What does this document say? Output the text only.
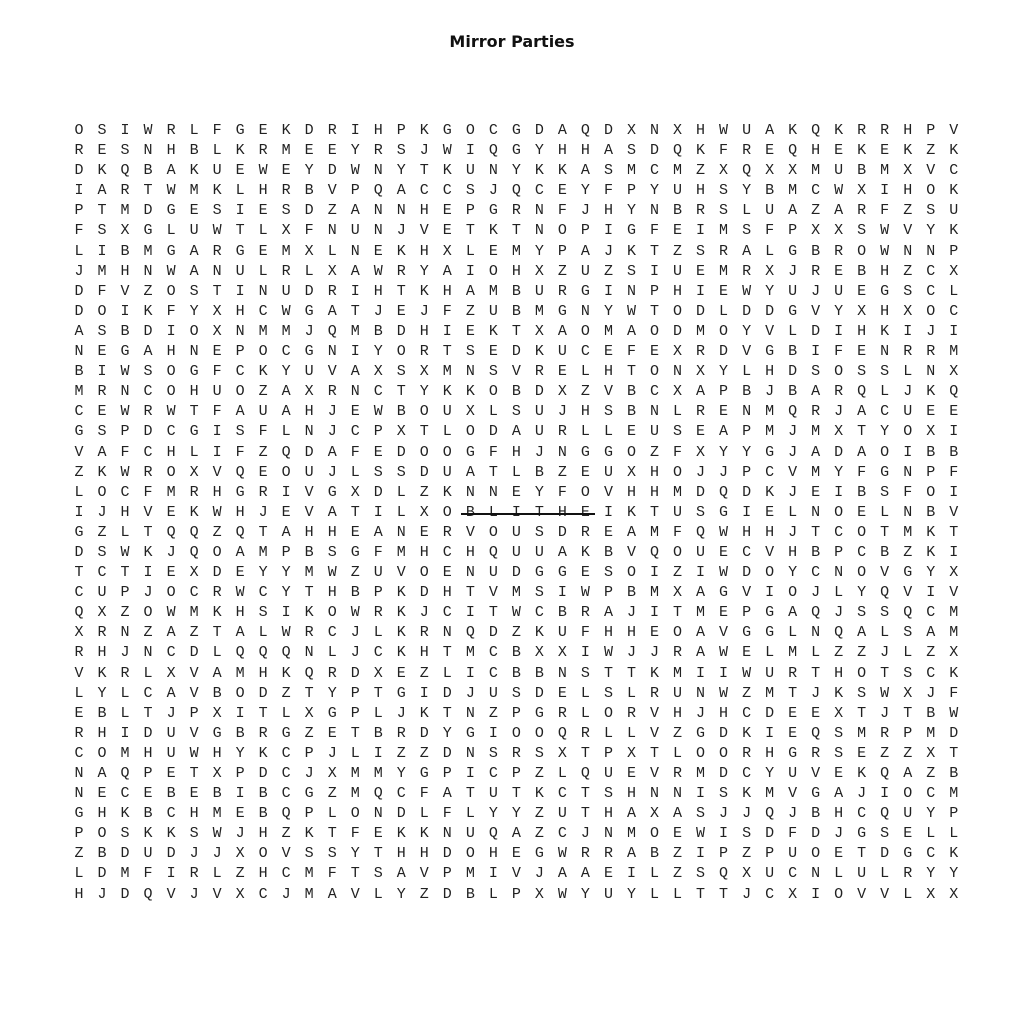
Mirror Parties
O S I W R L F G E K D R I H P K G O C G D A Q D X N X H W U A K Q K R R H P V
R E S N H B L K R M E E Y R S J W I Q G Y H H A S D Q K F R E Q H E K E K Z K
D K Q B A K U E W E Y D W N Y T K U N Y K K A S M C M Z X Q X X M U B M X V C
I A R T W M K L H R B V P Q A C C S J Q C E Y F P Y U H S Y B M C W X I H O K
P T M D G E S I E S D Z A N N H E P G R N F J H Y N B R S L U A Z A R F Z S U
F S X G L U W T L X F N U N J V E T K T N O P I G F E I M S F P X X S W V Y K
L I B M G A R G E M X L N E K H X L E M Y P A J K T Z S R A L G B R O W N N P
J M H N W A N U L R L X A W R Y A I O H X Z U Z S I U E M R X J R E B H Z C X
D F V Z O S T I N U D R I H T K H A M B U R G I N P H I E W Y U J U E G S C L
D O I K F Y X H C W G A T J E J F Z U B M G N Y W T O D L D D G V Y X H X O C
A S B D I O X N M M J Q M B D H I E K T X A O M A O D M O Y V L D I H K I J I
N E G A H N E P O C G N I Y O R T S E D K U C E F E X R D V G B I F E N R R M
B I W S O G F C K Y U V A X S X M N S V R E L H T O N X Y L H D S O S S L N X
M R N C O H U O Z A X R N C T Y K K O B D X Z V B C X A P B J B A R Q L J K Q
C E W R W T F A U A H J E W B O U X L S U J H S B N L R E N M Q R J A C U E E
G S P D C G I S F L N J C P X T L O D A U R L L E U S E A P M J M X T Y O X I
V A F C H L I F Z Q D A F E D O O G F H J N G G O Z F X Y Y G J A D A O I B B
Z K W R O X V Q E O U J L S S D U A T L B Z E U X H O J J P C V M Y F G N P F
L O C F M R H G R I V G X D L Z K N N E Y F O V H H M D Q D K J E I B S F O I
I J H V E K W H J E V A T I L X O	I K T U S G I E L N O E L N B V
G Z L T Q Q Z Q T A H H E A N E R V O U S D R E A M F Q W H H J T C O T M K T
D S W K J Q O A M P B S G F M H C H Q U U A K B V Q O U E C V H B P C B Z K I
T C T I E X D E Y Y M W Z U V O E N U D G G E S O I Z I W D O Y C N O V G Y X
C U P J O C R W C Y T H B P K D H T V M S I W P B M X A G V I O J L Y Q V I V
Q X Z O W M K H S I K O W R K J C I T W C B R A J I T M E P G A Q J S S Q C M
X R N Z A Z T A L W R C J L K R N Q D Z K U F H H E O A V G G L N Q A L S A M
R H J N C D L Q Q Q N L J C K H T M C B X X I W J J R A W E L M L Z Z J L Z X
V K R L X V A M H K Q R D X E Z L I C B B N S T T K M I I W U R T H O T S C K
L Y L C A V B O D Z T Y P T G I D J U S D E L S L R U N W Z M T J K S W X J F
E B L T J P X I T L X G P L J K T N Z P G R L O R V H J H C D E E X T J T B W
R H I D U V G B R G Z E T B R D Y G I O O Q R L L V Z G D K I E Q S M R P M D
C O M H U W H Y K C P J L I Z Z D N S R S X T P X T L O O R H G R S E Z Z X T
N A Q P E T X P D C J X M M Y G P I C P Z L Q U E V R M D C Y U V E K Q A Z B
N E C E B E B I B C G Z M Q C F A T U T K C T S H N N I S K M V G A J I O C M
G H K B C H M E B Q P L O N D L F L Y Y Z U T H A X A S J J Q J B H C Q U Y P
P O S K K S W J H Z K T F E K K N U Q A Z C J N M O E W I S D F D J G S E L L
Z B D U D J J X O V S S Y T H H D O H E G W R R A B Z I P Z P U O E T D G C K
L D M F I R L Z H C M F T S A V P M I V J A A E I L Z S Q X U C N L U L R Y Y
H J D Q V J V X C J M A V L Y Z D B L P X W Y U Y L L T T J C X I O V V L X X
